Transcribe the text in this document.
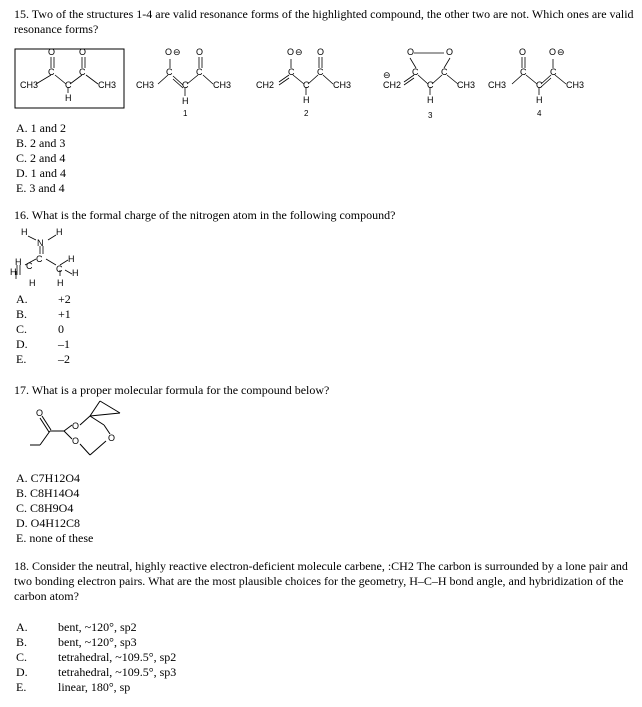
15. Two of the structures 1-4 are valid resonance forms of the highlighted compound, the other two are not. Which ones are valid resonance forms?
CH3
C
O
C
C
O
CH3
H
CH3
C
O ⊖
C
C
O
CH3
H
CH2
C
O ⊖
C
C
O
CH3
H
⊖
CH2
C
O
C
C
O
CH3
H
CH3
C
O
C
C
O ⊖
CH3
H
1	2	3	4
A. 1 and 2
B. 2 and 3
C. 2 and 4
D. 1 and 4
E. 3 and 4
16. What is the formal charge of the nitrogen atom in the following compound?
H	H
N
C
H	H
C	C
H	H
H H
A.	+2
B.	+1
C.	0
D.	–1
E.	–2
17. What is a proper molecular formula for the compound below?
O
O
O	O
A. C7H12O4
B. C8H14O4
C. C8H9O4
D. O4H12C8
E. none of these
18. Consider the neutral, highly reactive electron-deficient molecule carbene, :CH2 The carbon is surrounded by a lone pair and two bonding electron pairs. What are the most plausible choices for the geometry, H–C–H bond angle, and hybridization of the carbon atom?
A.	bent, ~120°, sp2
B.	bent, ~120°, sp3
C.	tetrahedral, ~109.5°, sp2
D.	tetrahedral, ~109.5°, sp3
E.	linear, 180°, sp
